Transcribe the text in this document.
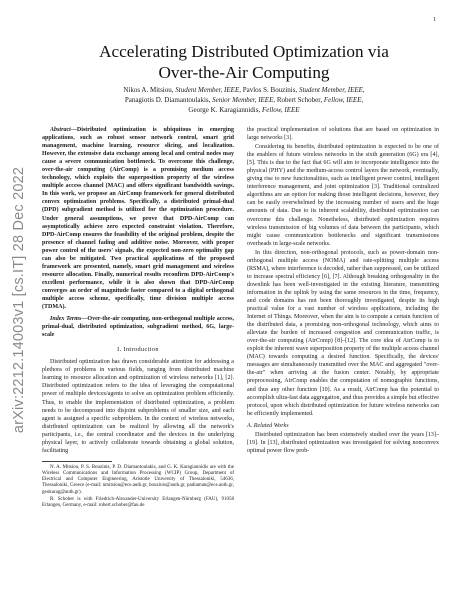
1
arXiv:2212.14003v1 [cs.IT] 28 Dec 2022
Accelerating Distributed Optimization via
Over-the-Air Computing
Nikos A. Mitsiou, Student Member, IEEE, Pavlos S. Bouzinis, Student Member, IEEE,
Panagiotis D. Diamantoulakis, Senior Member, IEEE, Robert Schober, Fellow, IEEE,
George K. Karagiannidis, Fellow, IEEE

Abstract—Distributed optimization is ubiquitous in emerging applications, such as robust sensor network control, smart grid management, machine learning, resource slicing, and localization. However, the extensive data exchange among local and central nodes may cause a severe communication bottleneck. To overcome this challenge, over-the-air computing (AirComp) is a promising medium access technology, which exploits the superposition property of the wireless multiple access channel (MAC) and offers significant bandwidth savings. In this work, we propose an AirComp framework for general distributed convex optimization problems. Specifically, a distributed primal-dual (DPD) subgradient method is utilized for the optimization procedure. Under general assumptions, we prove that DPD-AirComp can asymptotically achieve zero expected constraint violation. Therefore, DPD-AirComp ensures the feasibility of the original problem, despite the presence of channel fading and additive noise. Moreover, with proper power control of the users' signals, the expected non-zero optimality gap can also be mitigated. Two practical applications of the proposed framework are presented, namely, smart grid management and wireless resource allocation. Finally, numerical results reconfirm DPD-AirComp's excellent performance, while it is also shown that DPD-AirComp converges an order of magnitude faster compared to a digital orthogonal multiple access scheme, specifically, time division multiple access (TDMA).

Index Terms—Over-the-air computing, non-orthogonal multiple access, primal-dual, distributed optimization, subgradient method, 6G, large-scale

I. Introduction

Distributed optimization has drawn considerable attention for addressing a plethora of problems in various fields, ranging from distributed machine learning to resource allocation and optimization of wireless networks [1], [2]. Distributed optimization refers to the idea of leveraging the computational power of multiple devices/agents to solve an optimization problem efficiently. Thus, to enable the implementation of distributed optimization, a problem needs to be decomposed into disjoint subproblems of smaller size, and each agent is assigned a specific subproblem. In the context of wireless networks, distributed optimization can be realized by allowing all the network's participants, i.e., the central coordinator and the devices in the underlying physical layer, to actively collaborate towards obtaining a global solution, facilitating

N. A. Mitsiou, P. S. Bouzinis, P. D. Diamantoulakis, and G. K. Karagiannidis are with the Wireless Communications and Information Processing (WCIP) Group, Department of Electrical and Computer Engineering, Aristotle University of Thessaloniki, 54636, Thessaloniki, Greece (e-mail: nmitsiou@ece.auth.gr, bouzinis@auth.gr, padiaman@ece.auth.gr, geokarag@auth.gr).

R. Schober is with Friedrich-Alexander-University Erlangen-Nürnberg (FAU), 91058 Erlangen, Germany, e-mail: robert.schober@fau.de

the practical implementation of solutions that are based on optimization in large networks [3].

Considering its benefits, distributed optimization is expected to be one of the enablers of future wireless networks in the sixth generation (6G) era [4], [5]. This is due to the fact that 6G will aim to incorporate intelligence into the physical (PHY) and the medium-access control layers the network, eventually, giving rise to new functionalities, such as intelligent power control, intelligent interference management, and joint optimization [3]. Traditional centralized algorithms are an option for making those intelligent decisions, however, they can be easily overwhelmed by the increasing number of users and the huge amounts of data. Due to its inherent scalability, distributed optimization can overcome this challenge. Nonetheless, distributed optimization requires wireless transmission of big volumes of data between the participants, which might cause communication bottlenecks and significant transmissions overheads in large-scale networks.

In this direction, non-orthogonal protocols, such as power-domain non-orthogonal multiple access (NOMA) and rate-splitting multiple access (RSMA), where interference is decoded, rather than suppressed, can be utilized to increase spectral efficiency [6], [7]. Although breaking orthogonality in the downlink has been well-investigated in the existing literature, transmitting information in the uplink by using the same resources in the time, frequency, and code domains has not been thoroughly investigated, despite its high practical value for a vast number of wireless applications, including the Internet of Things. Moreover, when the aim is to compute a certain function of the distributed data, a promising non-orthogonal technology, which aims to alleviate the burden of increased congestion and communication traffic, is over-the-air computing (AirComp) [8]–[12]. The core idea of AirComp is to exploit the inherent wave superposition property of the multiple access channel (MAC) towards computing a desired function. Specifically, the devices' messages are simultaneously transmitted over the MAC and aggregated "over-the-air" when arriving at the fusion center. Notably, by appropriate preprocessing, AirComp enables the computation of nomographic functions, and thus any other function [10]. As a result, AirComp has the potential to accomplish ultra-fast data aggregation, and thus provides a simple but effective protocol, upon which distributed optimization for future wireless networks can be efficiently implemented.

A. Related Works

Distributed optimization has been extensively studied over the years [13]–[19]. In [13], distributed optimization was investigated for solving nonconvex optimal power flow prob-
